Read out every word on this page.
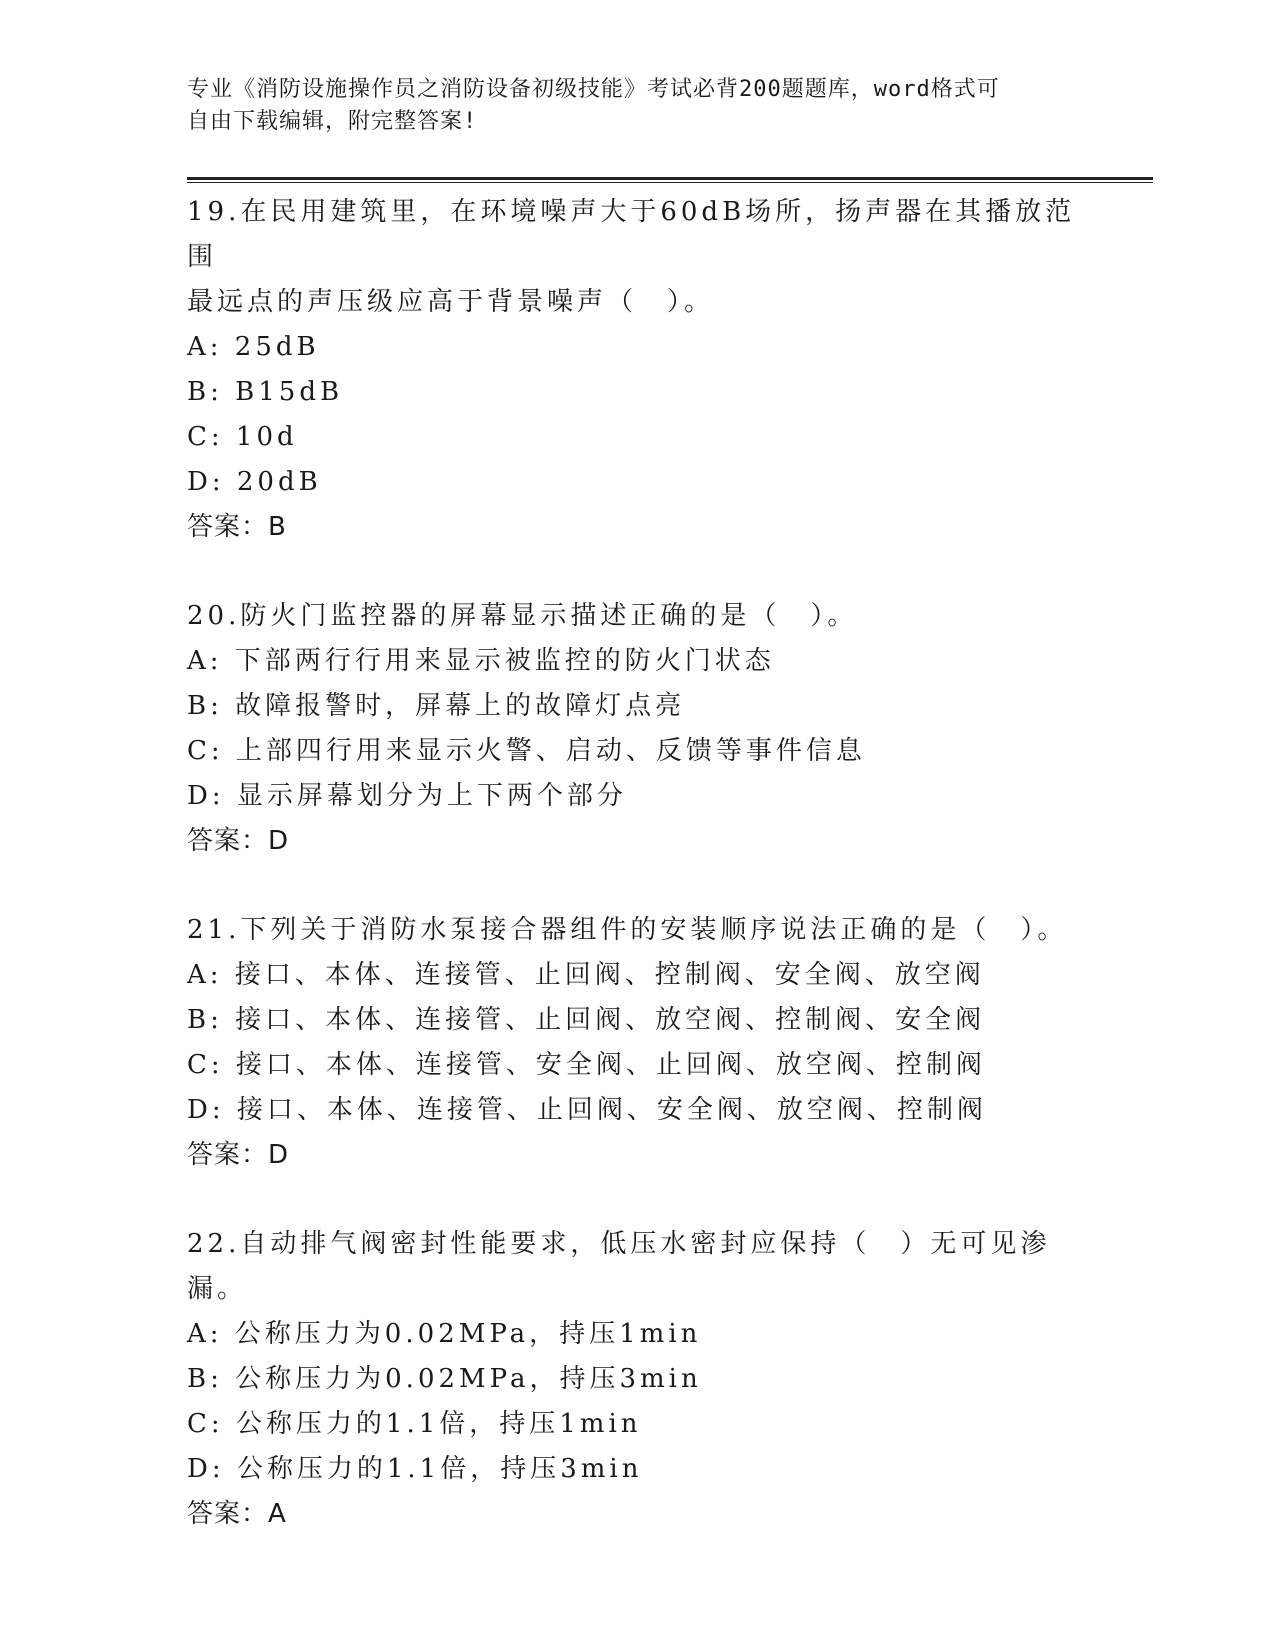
专业《消防设施操作员之消防设备初级技能》考试必背200题题库，word格式可
自由下载编辑，附完整答案!

19.在民用建筑里，在环境噪声大于60dB场所，扬声器在其播放范围

最远点的声压级应高于背景噪声（　）。

A: 25dB

B: B15dB

C: 10d

D: 20dB

答案：B

20.防火门监控器的屏幕显示描述正确的是（　）。

A: 下部两行行用来显示被监控的防火门状态

B: 故障报警时，屏幕上的故障灯点亮

C: 上部四行用来显示火警、启动、反馈等事件信息

D: 显示屏幕划分为上下两个部分

答案：D

21.下列关于消防水泵接合器组件的安装顺序说法正确的是（　）。

A: 接口、本体、连接管、止回阀、控制阀、安全阀、放空阀

B: 接口、本体、连接管、止回阀、放空阀、控制阀、安全阀

C: 接口、本体、连接管、安全阀、止回阀、放空阀、控制阀

D: 接口、本体、连接管、止回阀、安全阀、放空阀、控制阀

答案：D

22.自动排气阀密封性能要求，低压水密封应保持（　）无可见渗漏。

A: 公称压力为0.02MPa，持压1min

B: 公称压力为0.02MPa，持压3min

C: 公称压力的1.1倍，持压1min

D: 公称压力的1.1倍，持压3min

答案：A
